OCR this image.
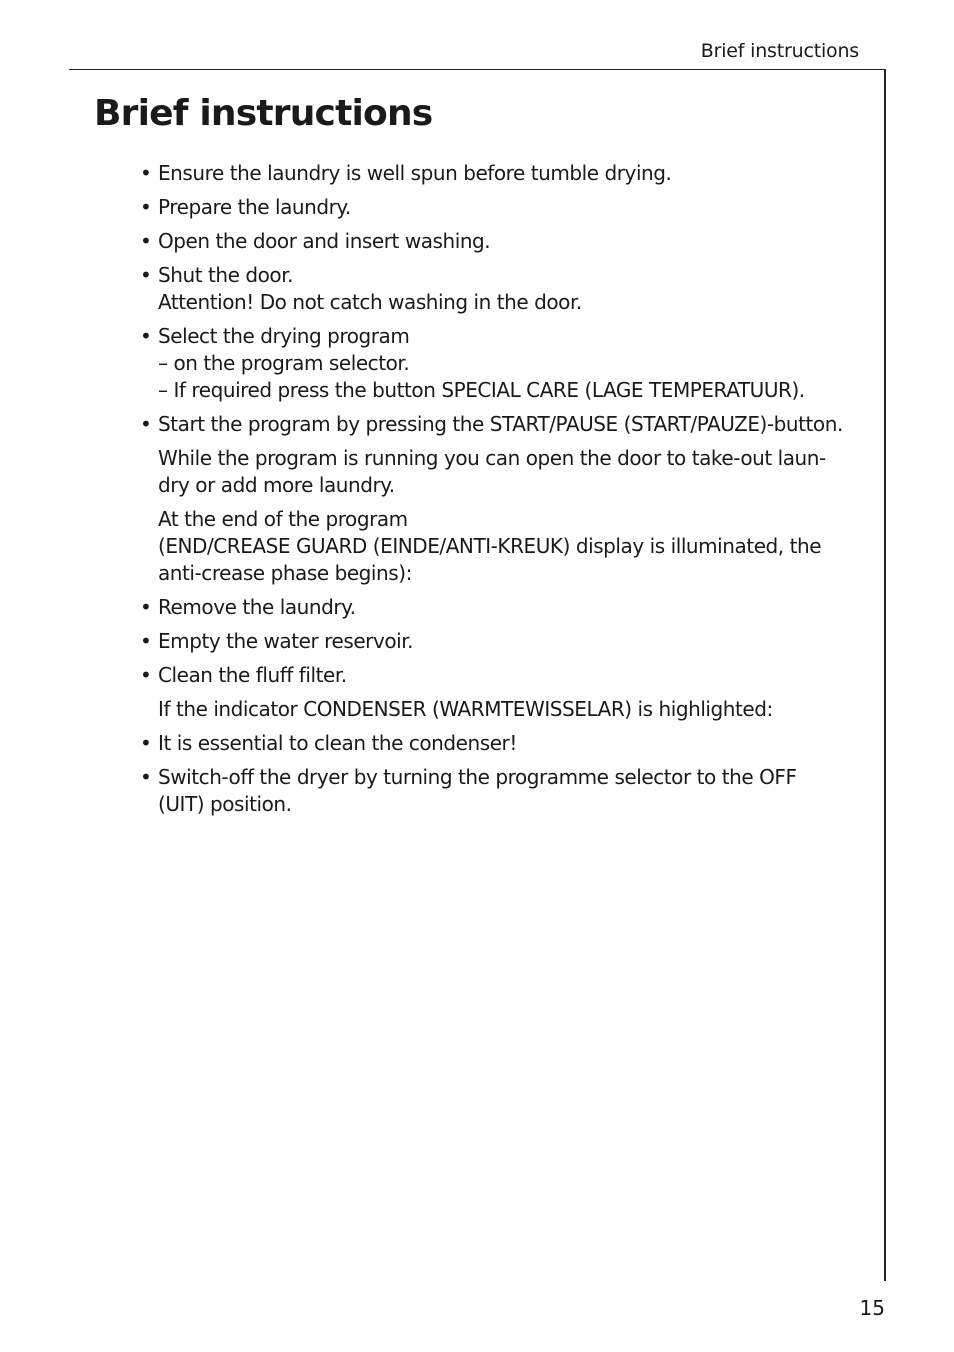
Brief instructions
Brief instructions
• Ensure the laundry is well spun before tumble drying.
• Prepare the laundry.
• Open the door and insert washing.
• Shut the door.
Attention! Do not catch washing in the door.
• Select the drying program
– on the program selector.
– If required press the button SPECIAL CARE (LAGE TEMPERATUUR).
• Start the program by pressing the START/PAUSE (START/PAUZE)-button.
While the program is running you can open the door to take-out laun-
dry or add more laundry.
At the end of the program
(END/CREASE GUARD (EINDE/ANTI-KREUK) display is illuminated, the
anti-crease phase begins):
• Remove the laundry.
• Empty the water reservoir.
• Clean the fluff filter.
If the indicator CONDENSER (WARMTEWISSELAR) is highlighted:
• It is essential to clean the condenser!
• Switch-off the dryer by turning the programme selector to the OFF
(UIT) position.
15
